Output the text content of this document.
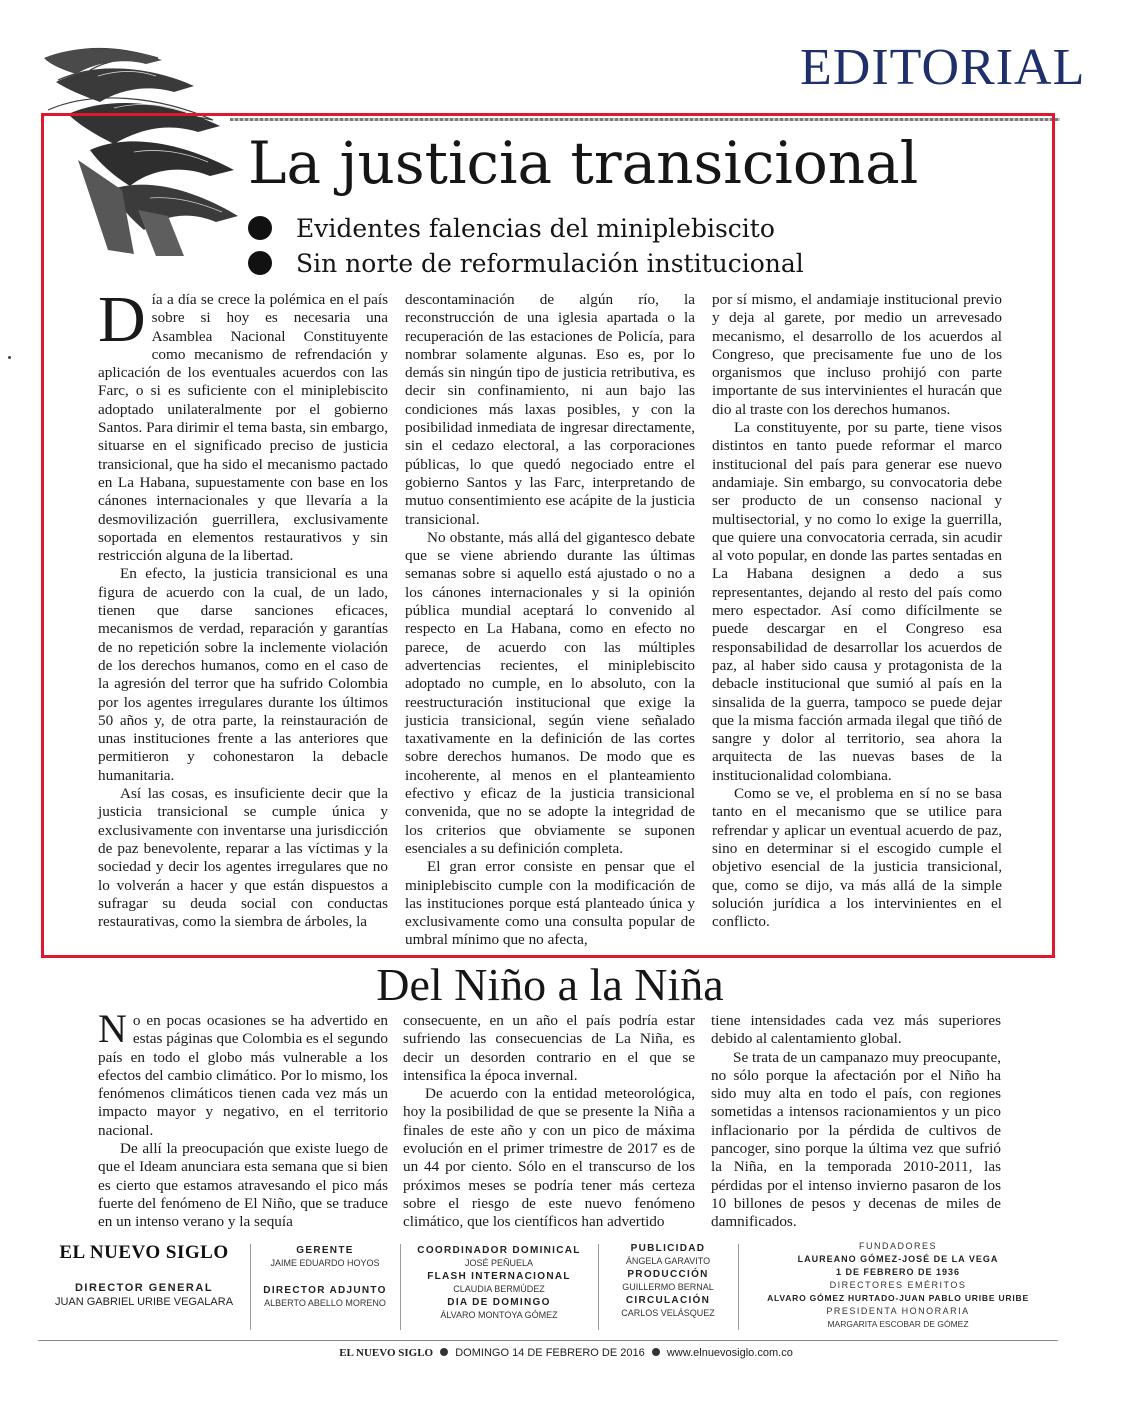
EDITORIAL
La justicia transicional
Evidentes falencias del miniplebiscito
Sin norte de reformulación institucional

Día a día se crece la polémica en el país sobre si hoy es necesaria una Asamblea Nacional Constituyente como mecanismo de refrendación y aplicación de los eventuales acuerdos con las Farc, o si es suficiente con el miniplebiscito adoptado unilateralmente por el gobierno Santos. Para dirimir el tema basta, sin embargo, situarse en el significado preciso de justicia transicional, que ha sido el mecanismo pactado en La Habana, supuestamente con base en los cánones internacionales y que llevaría a la desmovilización guerrillera, exclusivamente soportada en elementos restaurativos y sin restricción alguna de la libertad.

En efecto, la justicia transicional es una figura de acuerdo con la cual, de un lado, tienen que darse sanciones eficaces, mecanismos de verdad, reparación y garantías de no repetición sobre la inclemente violación de los derechos humanos, como en el caso de la agresión del terror que ha sufrido Colombia por los agentes irregulares durante los últimos 50 años y, de otra parte, la reinstauración de unas instituciones frente a las anteriores que permitieron y cohonestaron la debacle humanitaria.

Así las cosas, es insuficiente decir que la justicia transicional se cumple única y exclusivamente con inventarse una jurisdicción de paz benevolente, reparar a las víctimas y la sociedad y decir los agentes irregulares que no lo volverán a hacer y que están dispuestos a sufragar su deuda social con conductas restaurativas, como la siembra de árboles, la

descontaminación de algún río, la reconstrucción de una iglesia apartada o la recuperación de las estaciones de Policía, para nombrar solamente algunas. Eso es, por lo demás sin ningún tipo de justicia retributiva, es decir sin confinamiento, ni aun bajo las condiciones más laxas posibles, y con la posibilidad inmediata de ingresar directamente, sin el cedazo electoral, a las corporaciones públicas, lo que quedó negociado entre el gobierno Santos y las Farc, interpretando de mutuo consentimiento ese acápite de la justicia transicional.

No obstante, más allá del gigantesco debate que se viene abriendo durante las últimas semanas sobre si aquello está ajustado o no a los cánones internacionales y si la opinión pública mundial aceptará lo convenido al respecto en La Habana, como en efecto no parece, de acuerdo con las múltiples advertencias recientes, el miniplebiscito adoptado no cumple, en lo absoluto, con la reestructuración institucional que exige la justicia transicional, según viene señalado taxativamente en la definición de las cortes sobre derechos humanos. De modo que es incoherente, al menos en el planteamiento efectivo y eficaz de la justicia transicional convenida, que no se adopte la integridad de los criterios que obviamente se suponen esenciales a su definición completa.

El gran error consiste en pensar que el miniplebiscito cumple con la modificación de las instituciones porque está planteado única y exclusivamente como una consulta popular de umbral mínimo que no afecta,

por sí mismo, el andamiaje institucional previo y deja al garete, por medio un arrevesado mecanismo, el desarrollo de los acuerdos al Congreso, que precisamente fue uno de los organismos que incluso prohijó con parte importante de sus intervinientes el huracán que dio al traste con los derechos humanos.

La constituyente, por su parte, tiene visos distintos en tanto puede reformar el marco institucional del país para generar ese nuevo andamiaje. Sin embargo, su convocatoria debe ser producto de un consenso nacional y multisectorial, y no como lo exige la guerrilla, que quiere una convocatoria cerrada, sin acudir al voto popular, en donde las partes sentadas en La Habana designen a dedo a sus representantes, dejando al resto del país como mero espectador. Así como difícilmente se puede descargar en el Congreso esa responsabilidad de desarrollar los acuerdos de paz, al haber sido causa y protagonista de la debacle institucional que sumió al país en la sinsalida de la guerra, tampoco se puede dejar que la misma facción armada ilegal que tiñó de sangre y dolor al territorio, sea ahora la arquitecta de las nuevas bases de la institucionalidad colombiana.

Como se ve, el problema en sí no se basa tanto en el mecanismo que se utilice para refrendar y aplicar un eventual acuerdo de paz, sino en determinar si el escogido cumple el objetivo esencial de la justicia transicional, que, como se dijo, va más allá de la simple solución jurídica a los intervinientes en el conflicto.

Del Niño a la Niña

No en pocas ocasiones se ha advertido en estas páginas que Colombia es el segundo país en todo el globo más vulnerable a los efectos del cambio climático. Por lo mismo, los fenómenos climáticos tienen cada vez más un impacto mayor y negativo, en el territorio nacional.

De allí la preocupación que existe luego de que el Ideam anunciara esta semana que si bien es cierto que estamos atravesando el pico más fuerte del fenómeno de El Niño, que se traduce en un intenso verano y la sequía

consecuente, en un año el país podría estar sufriendo las consecuencias de La Niña, es decir un desorden contrario en el que se intensifica la época invernal.

De acuerdo con la entidad meteorológica, hoy la posibilidad de que se presente la Niña a finales de este año y con un pico de máxima evolución en el primer trimestre de 2017 es de un 44 por ciento. Sólo en el transcurso de los próximos meses se podría tener más certeza sobre el riesgo de este nuevo fenómeno climático, que los científicos han advertido

tiene intensidades cada vez más superiores debido al calentamiento global.

Se trata de un campanazo muy preocupante, no sólo porque la afectación por el Niño ha sido muy alta en todo el país, con regiones sometidas a intensos racionamientos y un pico inflacionario por la pérdida de cultivos de pancoger, sino porque la última vez que sufrió la Niña, en la temporada 2010-2011, las pérdidas por el intenso invierno pasaron de los 10 billones de pesos y decenas de miles de damnificados.

EL NUEVO SIGLO
DIRECTOR GENERAL
JUAN GABRIEL URIBE VEGALARA
GERENTE
JAIME EDUARDO HOYOS
DIRECTOR ADJUNTO
ALBERTO ABELLO MORENO
COORDINADOR DOMINICAL
JOSÉ PEÑUELA
FLASH INTERNACIONAL
CLAUDIA BERMÚDEZ
DIA DE DOMINGO
ÁLVARO MONTOYA GÓMEZ
PUBLICIDAD
ÁNGELA GARAVITO
PRODUCCIÓN
GUILLERMO BERNAL
CIRCULACIÓN
CARLOS VELÁSQUEZ
FUNDADORES
LAUREANO GÓMEZ-JOSÉ DE LA VEGA
1 DE FEBRERO DE 1936
DIRECTORES EMÉRITOS
ALVARO GÓMEZ HURTADO-JUAN PABLO URIBE URIBE
PRESIDENTA HONORARIA
MARGARITA ESCOBAR DE GÓMEZ
EL NUEVO SIGLO DOMINGO 14 DE FEBRERO DE 2016 www.elnuevosiglo.com.co
